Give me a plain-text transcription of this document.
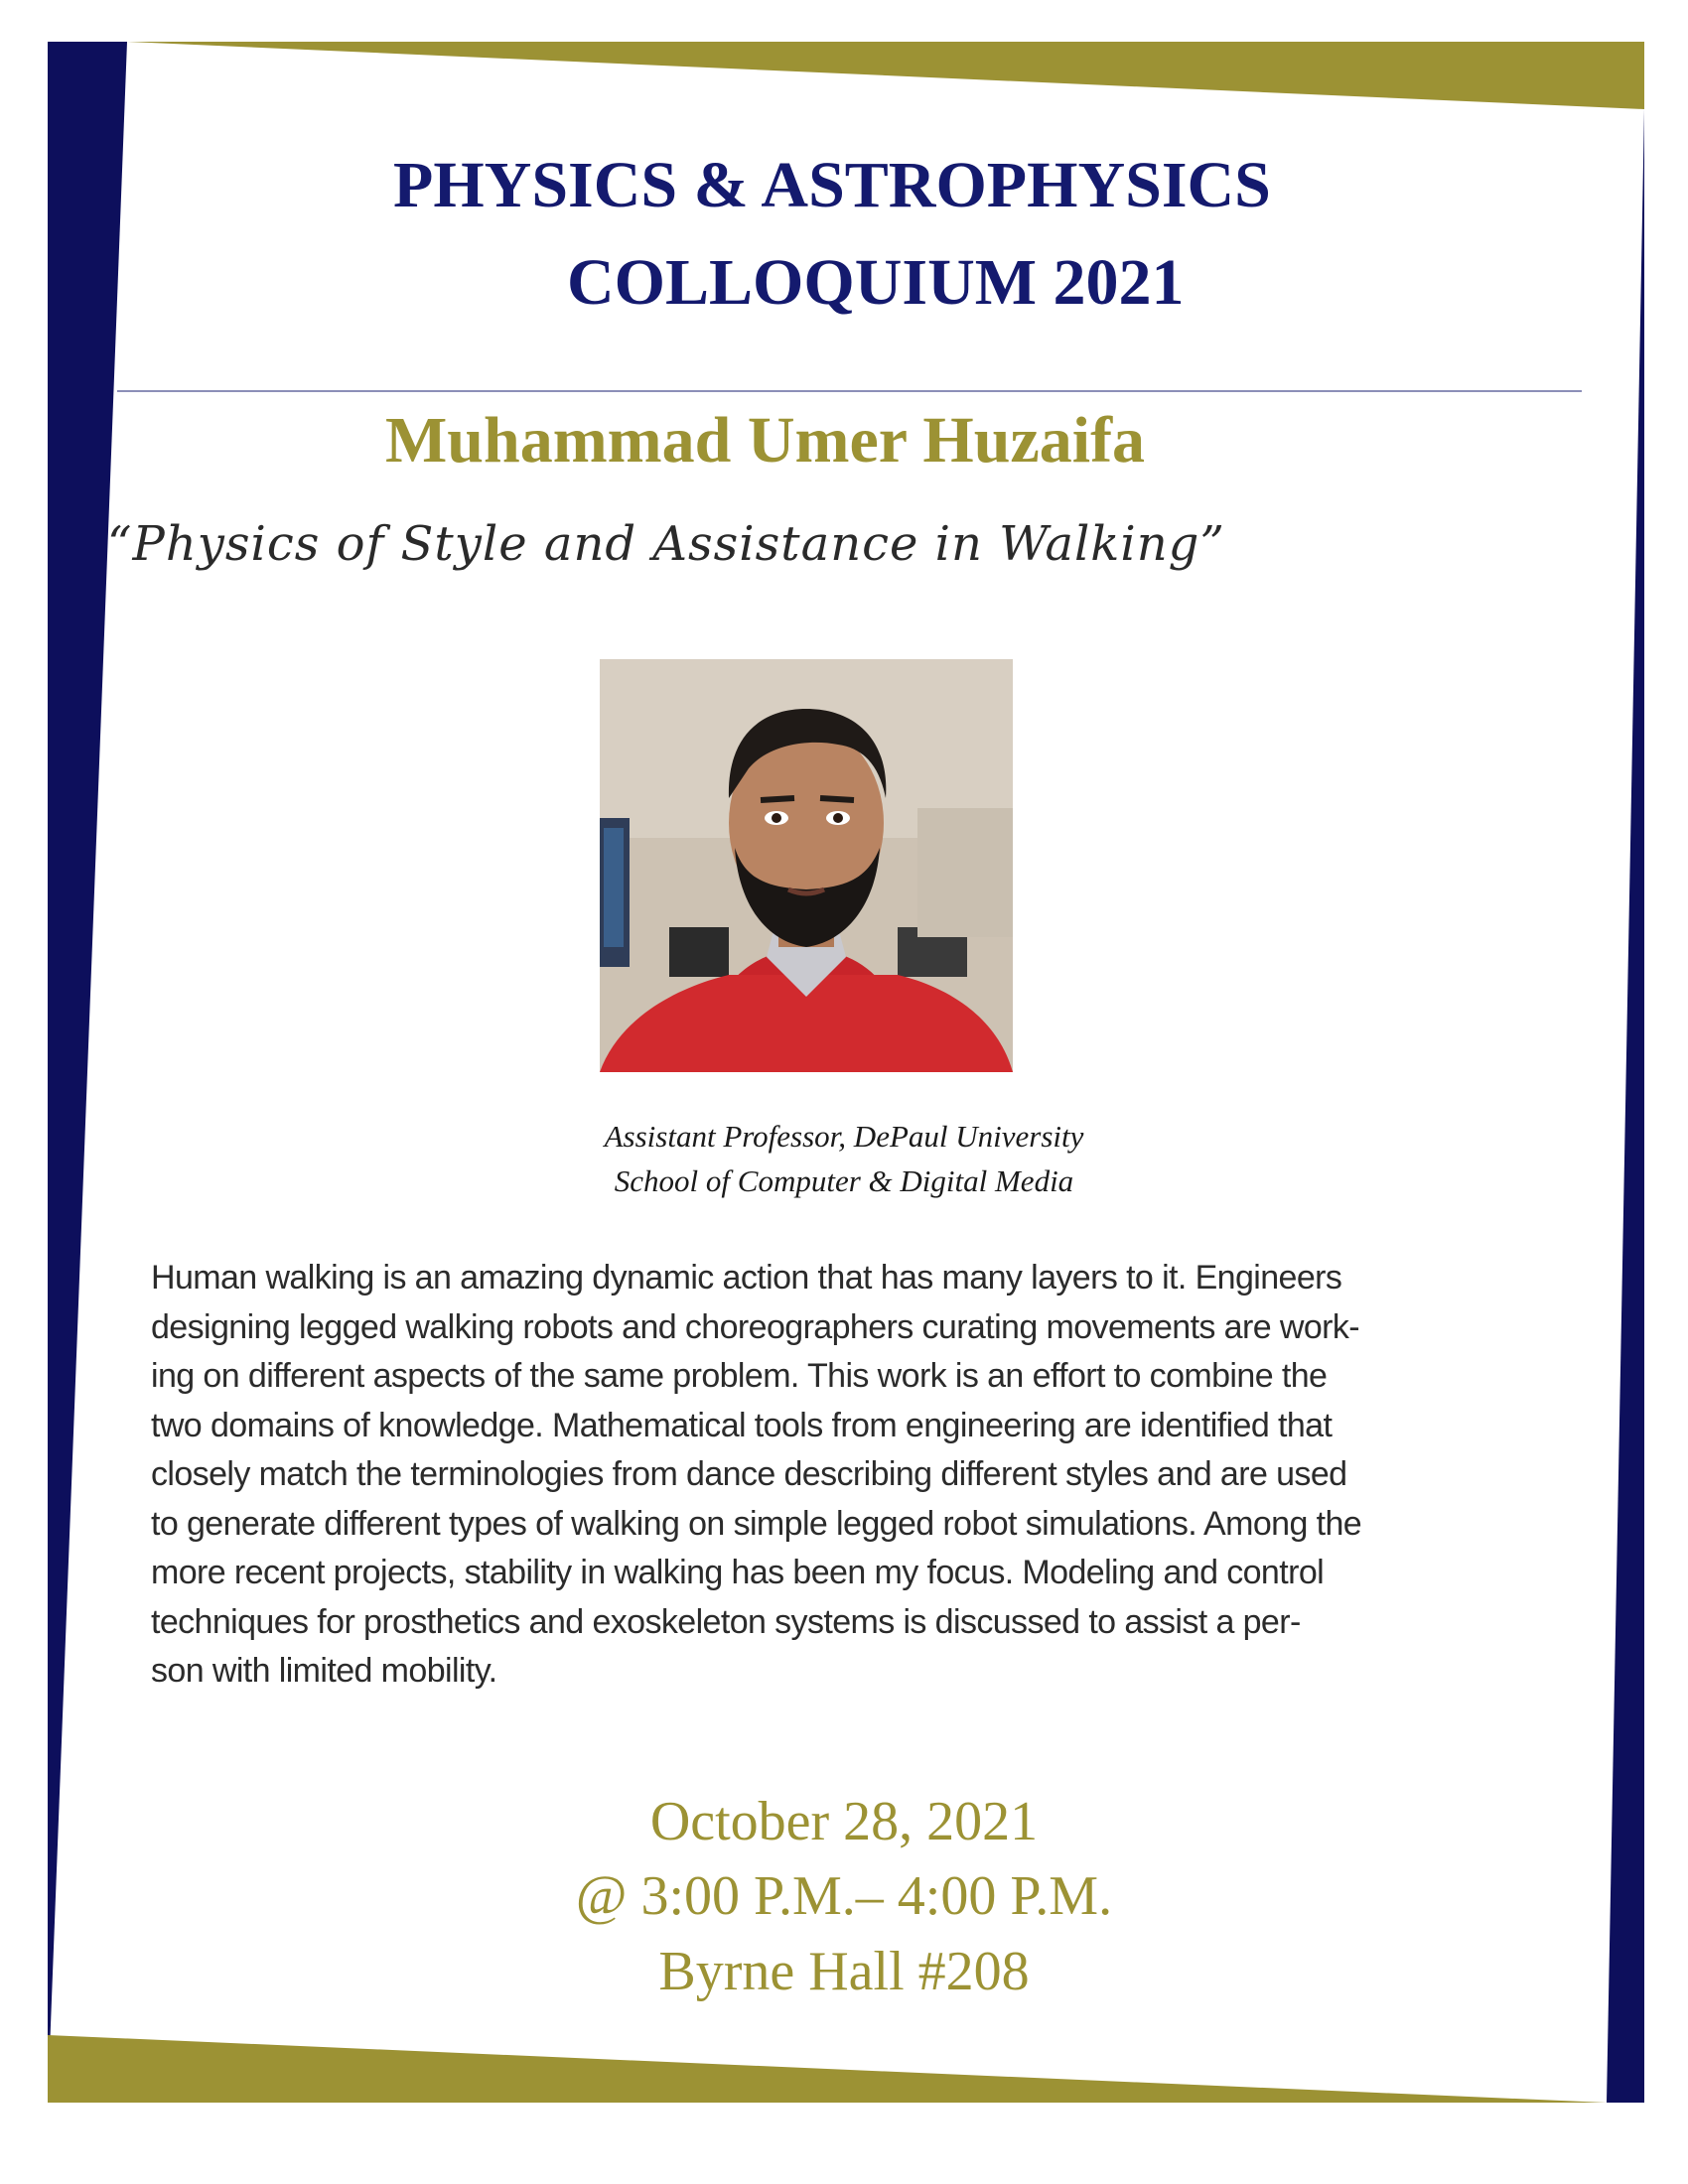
PHYSICS & ASTROPHYSICS
COLLOQUIUM 2021
Muhammad Umer Huzaifa

“Physics of Style and Assistance in Walking”

Assistant Professor, DePaul University
School of Computer & Digital Media

Human walking is an amazing dynamic action that has many layers to it. Engineers
designing legged walking robots and choreographers curating movements are work-
ing on different aspects of the same problem. This work is an effort to combine the
two domains of knowledge. Mathematical tools from engineering are identified that
closely match the terminologies from dance describing different styles and are used
to generate different types of walking on simple legged robot simulations. Among the
more recent projects, stability in walking has been my focus. Modeling and control
techniques for prosthetics and exoskeleton systems is discussed to assist a per-
son with limited mobility.

October 28, 2021
@ 3:00 P.M.– 4:00 P.M.
Byrne Hall #208
